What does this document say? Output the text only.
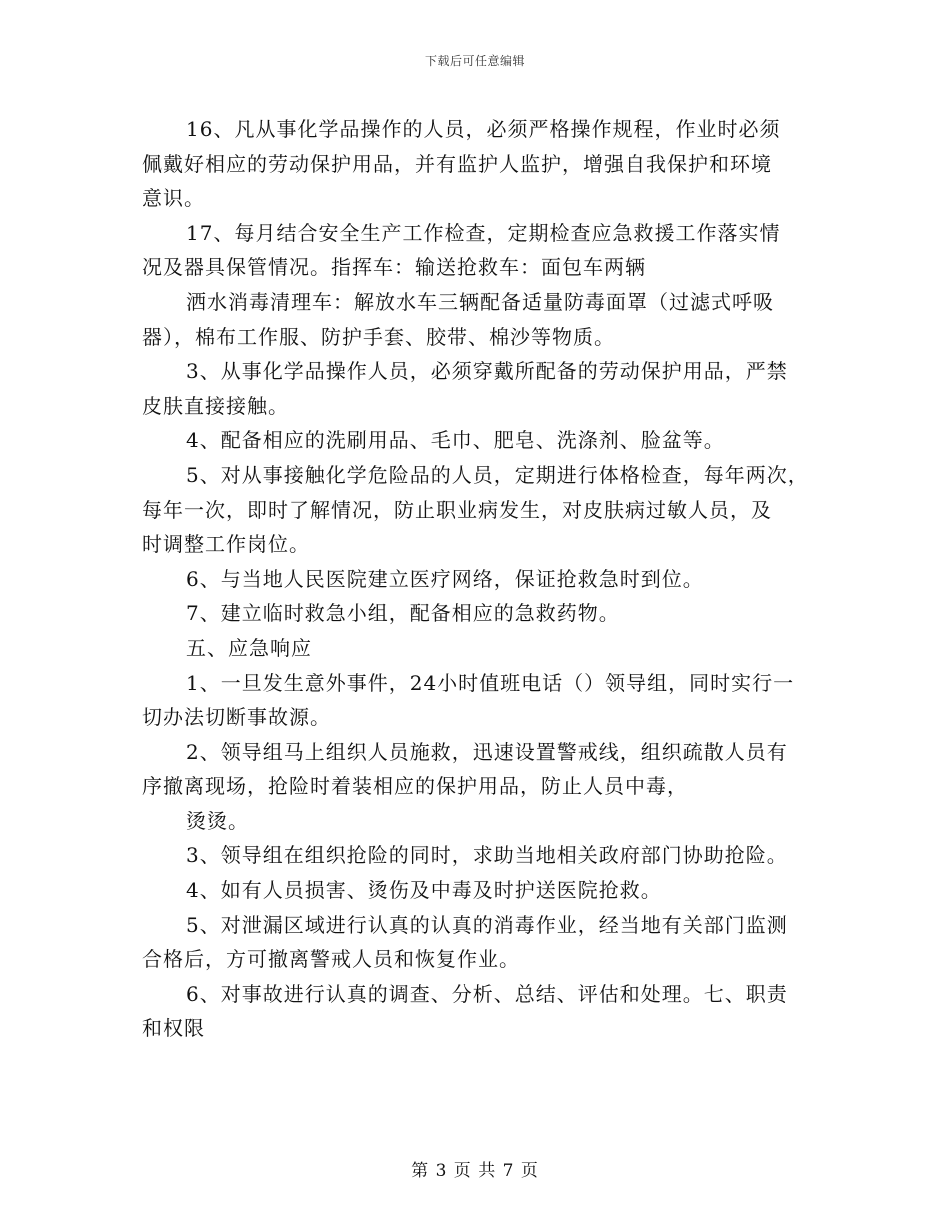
下载后可任意编辑

16、凡从事化学品操作的人员，必须严格操作规程，作业时必须
佩戴好相应的劳动保护用品，并有监护人监护，增强自我保护和环境
意识。
17、每月结合安全生产工作检查，定期检查应急救援工作落实情
况及器具保管情况。指挥车：输送抢救车：面包车两辆
洒水消毒清理车：解放水车三辆配备适量防毒面罩（过滤式呼吸
器），棉布工作服、防护手套、胶带、棉沙等物质。
3、从事化学品操作人员，必须穿戴所配备的劳动保护用品，严禁
皮肤直接接触。
4、配备相应的洗刷用品、毛巾、肥皂、洗涤剂、脸盆等。
5、对从事接触化学危险品的人员，定期进行体格检查，每年两次，
每年一次，即时了解情况，防止职业病发生，对皮肤病过敏人员，及
时调整工作岗位。
6、与当地人民医院建立医疗网络，保证抢救急时到位。
7、建立临时救急小组，配备相应的急救药物。
五、应急响应
1、一旦发生意外事件，24小时值班电话（）领导组，同时实行一
切办法切断事故源。
2、领导组马上组织人员施救，迅速设置警戒线，组织疏散人员有
序撤离现场，抢险时着装相应的保护用品，防止人员中毒，
烫烫。
3、领导组在组织抢险的同时，求助当地相关政府部门协助抢险。
4、如有人员损害、烫伤及中毒及时护送医院抢救。
5、对泄漏区域进行认真的认真的消毒作业，经当地有关部门监测
合格后，方可撤离警戒人员和恢复作业。
6、对事故进行认真的调查、分析、总结、评估和处理。七、职责
和权限

第 3 页 共 7 页
